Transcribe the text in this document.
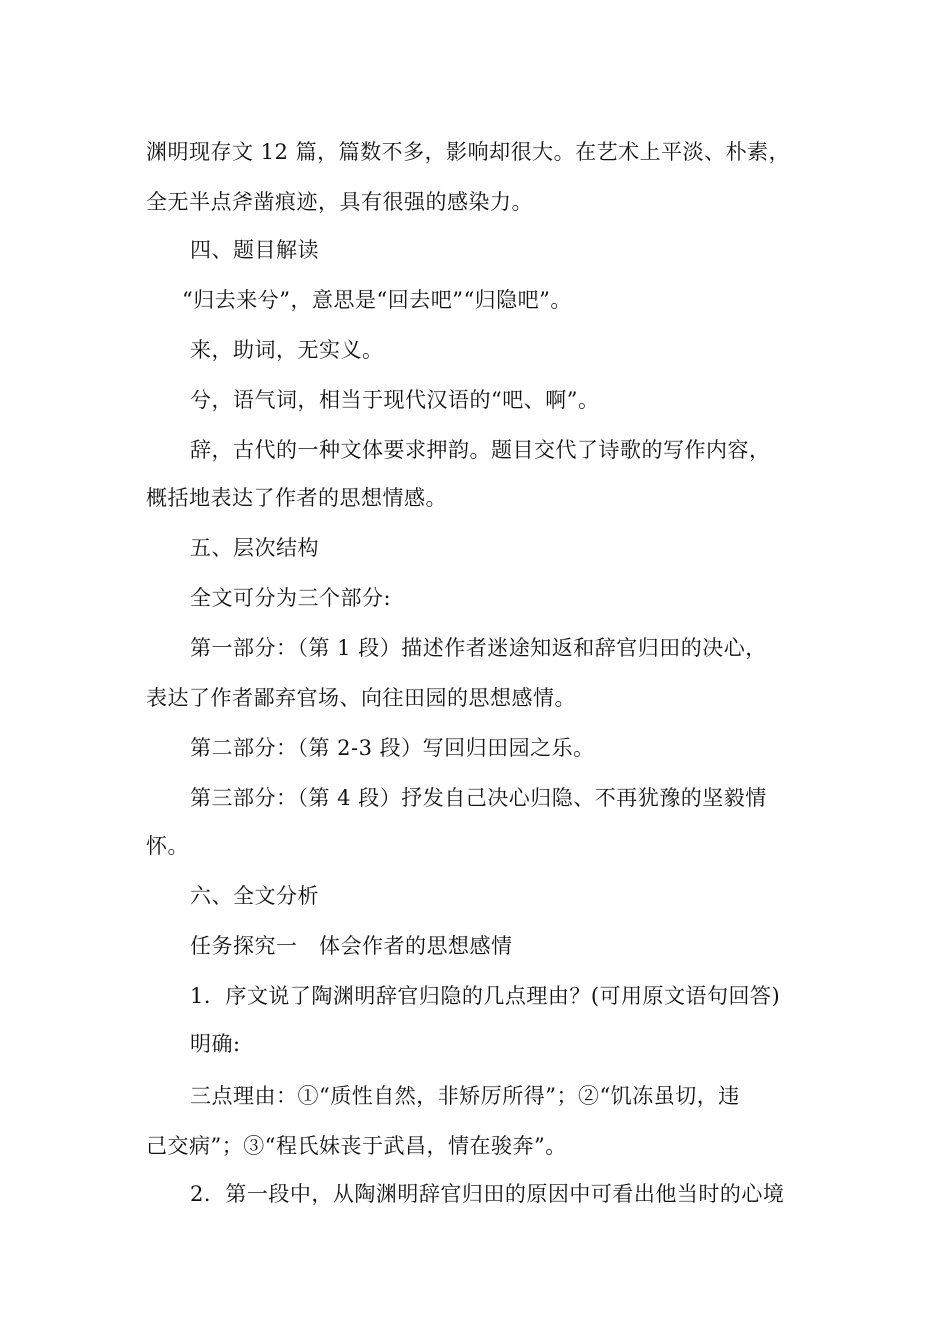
渊明现存文 12 篇，篇数不多，影响却很大。在艺术上平淡、朴素，
全无半点斧凿痕迹，具有很强的感染力。
四、题目解读
“归去来兮”，意思是“回去吧”“归隐吧”。
来，助词，无实义。
兮，语气词，相当于现代汉语的“吧、啊”。
辞，古代的一种文体要求押韵。题目交代了诗歌的写作内容，
概括地表达了作者的思想情感。
五、层次结构
全文可分为三个部分:
第一部分：（第 1 段）描述作者迷途知返和辞官归田的决心，
表达了作者鄙弃官场、向往田园的思想感情。
第二部分：（第 2-3 段）写回归田园之乐。
第三部分：（第 4 段）抒发自己决心归隐、不再犹豫的坚毅情
怀。
六、全文分析
任务探究一　体会作者的思想感情
1．序文说了陶渊明辞官归隐的几点理由？(可用原文语句回答)
明确:
三点理由：①“质性自然，非矫厉所得”；②“饥冻虽切，违
己交病”；③“程氏妹丧于武昌，情在骏奔”。
2．第一段中，从陶渊明辞官归田的原因中可看出他当时的心境
